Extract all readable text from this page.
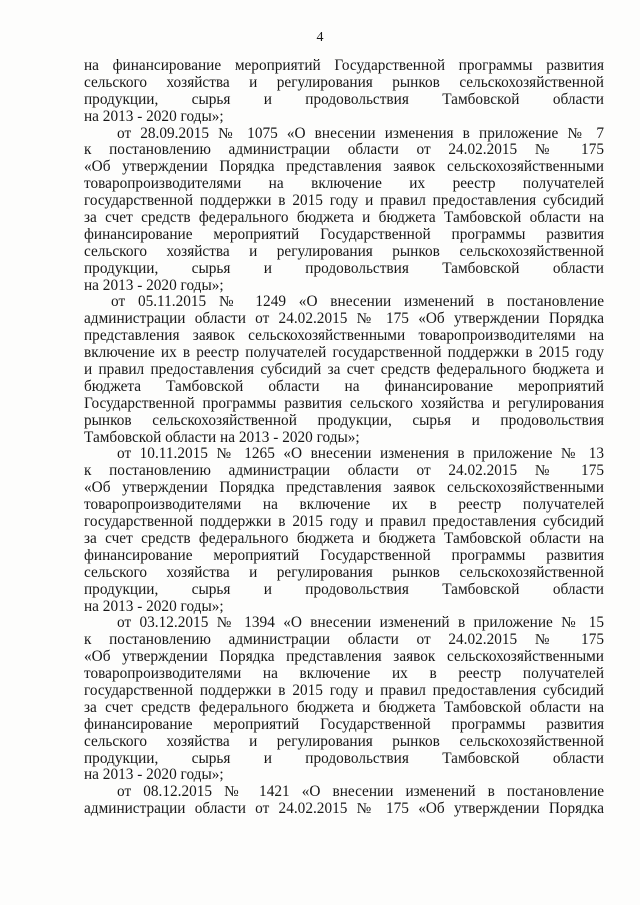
4
на финансирование мероприятий Государственной программы развития
сельского хозяйства и регулирования рынков сельскохозяйственной
продукции, сырья и продовольствия Тамбовской области
на 2013 - 2020 годы»;
от 28.09.2015 № 1075 «О внесении изменения в приложение № 7
к постановлению администрации области от 24.02.2015 № 175
«Об утверждении Порядка представления заявок сельскохозяйственными
товаропроизводителями на включение их реестр получателей
государственной поддержки в 2015 году и правил предоставления субсидий
за счет средств федерального бюджета и бюджета Тамбовской области на
финансирование мероприятий Государственной программы развития
сельского хозяйства и регулирования рынков сельскохозяйственной
продукции, сырья и продовольствия Тамбовской области
на 2013 - 2020 годы»;
от 05.11.2015 № 1249 «О внесении изменений в постановление
администрации области от 24.02.2015 № 175 «Об утверждении Порядка
представления заявок сельскохозяйственными товаропроизводителями на
включение их в реестр получателей государственной поддержки в 2015 году
и правил предоставления субсидий за счет средств федерального бюджета и
бюджета Тамбовской области на финансирование мероприятий
Государственной программы развития сельского хозяйства и регулирования
рынков сельскохозяйственной продукции, сырья и продовольствия
Тамбовской области на 2013 - 2020 годы»;
от 10.11.2015 № 1265 «О внесении изменения в приложение № 13
к постановлению администрации области от 24.02.2015 № 175
«Об утверждении Порядка представления заявок сельскохозяйственными
товаропроизводителями на включение их в реестр получателей
государственной поддержки в 2015 году и правил предоставления субсидий
за счет средств федерального бюджета и бюджета Тамбовской области на
финансирование мероприятий Государственной программы развития
сельского хозяйства и регулирования рынков сельскохозяйственной
продукции, сырья и продовольствия Тамбовской области
на 2013 - 2020 годы»;
от 03.12.2015 № 1394 «О внесении изменений в приложение № 15
к постановлению администрации области от 24.02.2015 № 175
«Об утверждении Порядка представления заявок сельскохозяйственными
товаропроизводителями на включение их в реестр получателей
государственной поддержки в 2015 году и правил предоставления субсидий
за счет средств федерального бюджета и бюджета Тамбовской области на
финансирование мероприятий Государственной программы развития
сельского хозяйства и регулирования рынков сельскохозяйственной
продукции, сырья и продовольствия Тамбовской области
на 2013 - 2020 годы»;
от 08.12.2015 № 1421 «О внесении изменений в постановление
администрации области от 24.02.2015 № 175 «Об утверждении Порядка
